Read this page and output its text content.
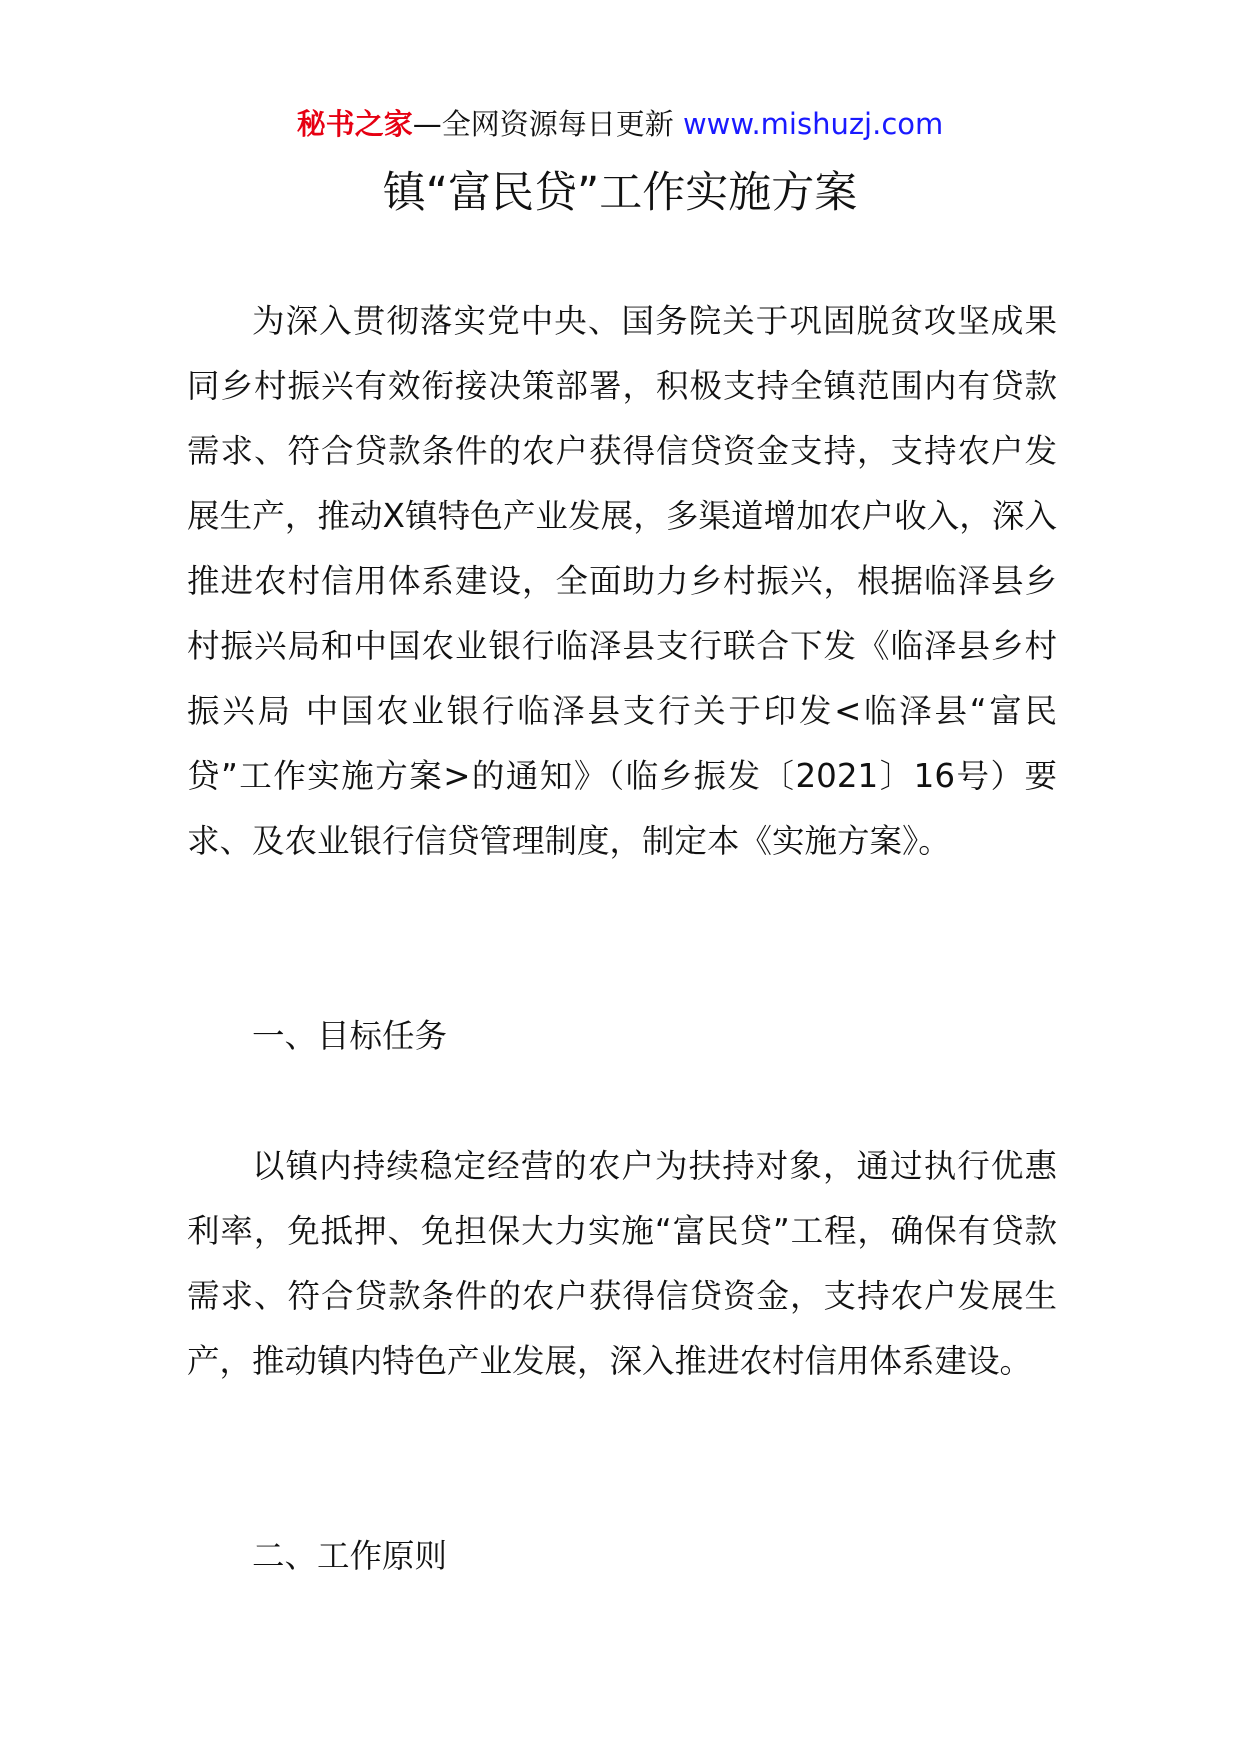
秘书之家—全网资源每日更新 www.mishuzj.com
镇“富民贷”工作实施方案

为深入贯彻落实党中央、国务院关于巩固脱贫攻坚成果同乡村振兴有效衔接决策部署，积极支持全镇范围内有贷款需求、符合贷款条件的农户获得信贷资金支持，支持农户发展生产，推动X镇特色产业发展，多渠道增加农户收入，深入推进农村信用体系建设，全面助力乡村振兴，根据临泽县乡村振兴局和中国农业银行临泽县支行联合下发《临泽县乡村振兴局 中国农业银行临泽县支行关于印发<临泽县“富民贷”工作实施方案>的通知》（临乡振发〔2021〕16号）要求、及农业银行信贷管理制度，制定本《实施方案》。

一、目标任务

以镇内持续稳定经营的农户为扶持对象，通过执行优惠利率，免抵押、免担保大力实施“富民贷”工程，确保有贷款需求、符合贷款条件的农户获得信贷资金，支持农户发展生产，推动镇内特色产业发展，深入推进农村信用体系建设。

二、工作原则
